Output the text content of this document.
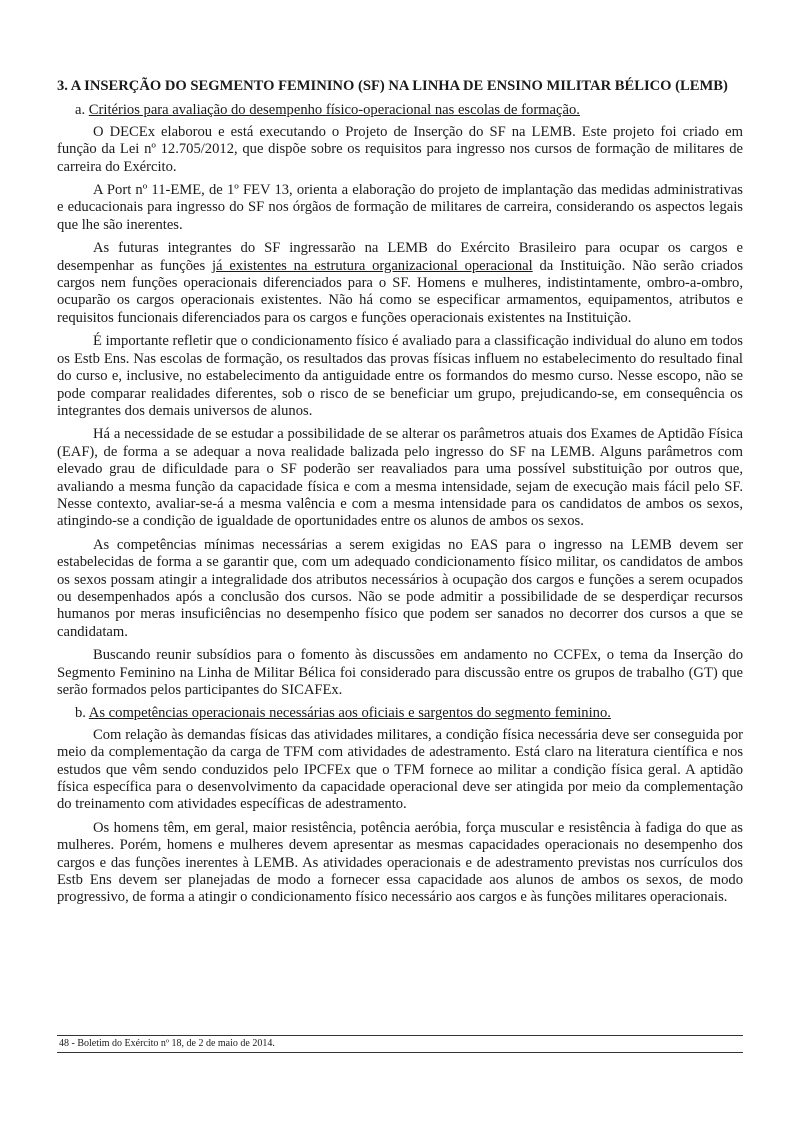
3. A INSERÇÃO DO SEGMENTO FEMININO (SF) NA LINHA DE ENSINO MILITAR BÉLICO (LEMB)
a. Critérios para avaliação do desempenho físico-operacional nas escolas de formação.

O DECEx elaborou e está executando o Projeto de Inserção do SF na LEMB. Este projeto foi criado em função da Lei nº 12.705/2012, que dispõe sobre os requisitos para ingresso nos cursos de formação de militares de carreira do Exército.

A Port nº 11-EME, de 1º FEV 13, orienta a elaboração do projeto de implantação das medidas administrativas e educacionais para ingresso do SF nos órgãos de formação de militares de carreira, considerando os aspectos legais que lhe são inerentes.

As futuras integrantes do SF ingressarão na LEMB do Exército Brasileiro para ocupar os cargos e desempenhar as funções já existentes na estrutura organizacional operacional da Instituição. Não serão criados cargos nem funções operacionais diferenciados para o SF. Homens e mulheres, indistintamente, ombro-a-ombro, ocuparão os cargos operacionais existentes. Não há como se especificar armamentos, equipamentos, atributos e requisitos funcionais diferenciados para os cargos e funções operacionais existentes na Instituição.

É importante refletir que o condicionamento físico é avaliado para a classificação individual do aluno em todos os Estb Ens. Nas escolas de formação, os resultados das provas físicas influem no estabelecimento do resultado final do curso e, inclusive, no estabelecimento da antiguidade entre os formandos do mesmo curso. Nesse escopo, não se pode comparar realidades diferentes, sob o risco de se beneficiar um grupo, prejudicando-se, em consequência os integrantes dos demais universos de alunos.

Há a necessidade de se estudar a possibilidade de se alterar os parâmetros atuais dos Exames de Aptidão Física (EAF), de forma a se adequar a nova realidade balizada pelo ingresso do SF na LEMB. Alguns parâmetros com elevado grau de dificuldade para o SF poderão ser reavaliados para uma possível substituição por outros que, avaliando a mesma função da capacidade física e com a mesma intensidade, sejam de execução mais fácil pelo SF. Nesse contexto, avaliar-se-á a mesma valência e com a mesma intensidade para os candidatos de ambos os sexos, atingindo-se a condição de igualdade de oportunidades entre os alunos de ambos os sexos.

As competências mínimas necessárias a serem exigidas no EAS para o ingresso na LEMB devem ser estabelecidas de forma a se garantir que, com um adequado condicionamento físico militar, os candidatos de ambos os sexos possam atingir a integralidade dos atributos necessários à ocupação dos cargos e funções a serem ocupados ou desempenhados após a conclusão dos cursos. Não se pode admitir a possibilidade de se desperdiçar recursos humanos por meras insuficiências no desempenho físico que podem ser sanados no decorrer dos cursos a que se candidatam.

Buscando reunir subsídios para o fomento às discussões em andamento no CCFEx, o tema da Inserção do Segmento Feminino na Linha de Militar Bélica foi considerado para discussão entre os grupos de trabalho (GT) que serão formados pelos participantes do SICAFEx.

b. As competências operacionais necessárias aos oficiais e sargentos do segmento feminino.

Com relação às demandas físicas das atividades militares, a condição física necessária deve ser conseguida por meio da complementação da carga de TFM com atividades de adestramento. Está claro na literatura científica e nos estudos que vêm sendo conduzidos pelo IPCFEx que o TFM fornece ao militar a condição física geral. A aptidão física específica para o desenvolvimento da capacidade operacional deve ser atingida por meio da complementação do treinamento com atividades específicas de adestramento.

Os homens têm, em geral, maior resistência, potência aeróbia, força muscular e resistência à fadiga do que as mulheres. Porém, homens e mulheres devem apresentar as mesmas capacidades operacionais no desempenho dos cargos e das funções inerentes à LEMB. As atividades operacionais e de adestramento previstas nos currículos dos Estb Ens devem ser planejadas de modo a fornecer essa capacidade aos alunos de ambos os sexos, de modo progressivo, de forma a atingir o condicionamento físico necessário aos cargos e às funções militares operacionais.

48 - Boletim do Exército nº 18, de 2 de maio de 2014.
